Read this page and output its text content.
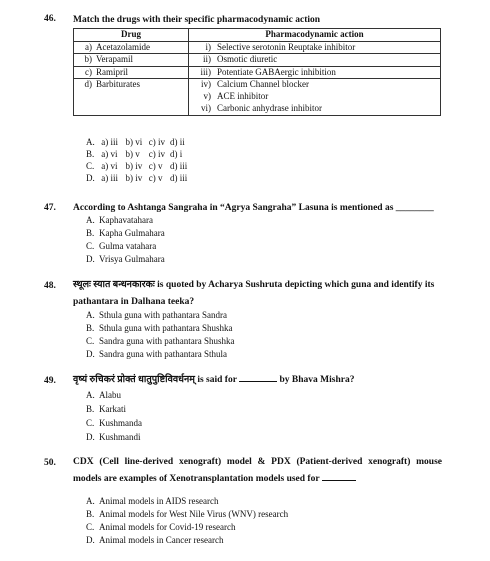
46. Match the drugs with their specific pharmacodynamic action
Drug	Pharmacodynamic action
a) Acetazolamide	i) Selective serotonin Reuptake inhibitor
b) Verapamil	ii) Osmotic diuretic
c) Ramipril	iii) Potentiate GABAergic inhibition
d) Barbiturates	iv) Calcium Channel blocker
v) ACE inhibitor
vi) Carbonic anhydrase inhibitor
A. a) iii b) vi c) iv d) ii
B. a) vi b) v c) iv d) i
C. a) vi b) iv c) v d) iii
D. a) iii b) iv c) v d) iii
47. According to Ashtanga Sangraha in “Agrya Sangraha” Lasuna is mentioned as ________
A. Kaphavatahara
B. Kapha Gulmahara
C. Gulma vatahara
D. Vrisya Gulmahara
48. स्थूलः स्यात बन्धनकारकः is quoted by Acharya Sushruta depicting which guna and identify its
pathantara in Dalhana teeka?
A. Sthula guna with pathantara Sandra
B. Sthula guna with pathantara Shushka
C. Sandra guna with pathantara Shushka
D. Sandra guna with pathantara Sthula
49. वृष्यं रुचिकरं प्रोक्तं धातुपुष्टिविवर्धनम् is said for	by Bhava Mishra?
A. Alabu
B. Karkati
C. Kushmanda
D. Kushmandi
50. CDX (Cell line-derived xenograft) model & PDX (Patient-derived xenograft) mouse
models are examples of Xenotransplantation models used for
A. Animal models in AIDS research
B. Animal models for West Nile Virus (WNV) research
C. Animal models for Covid-19 research
D. Animal models in Cancer research
